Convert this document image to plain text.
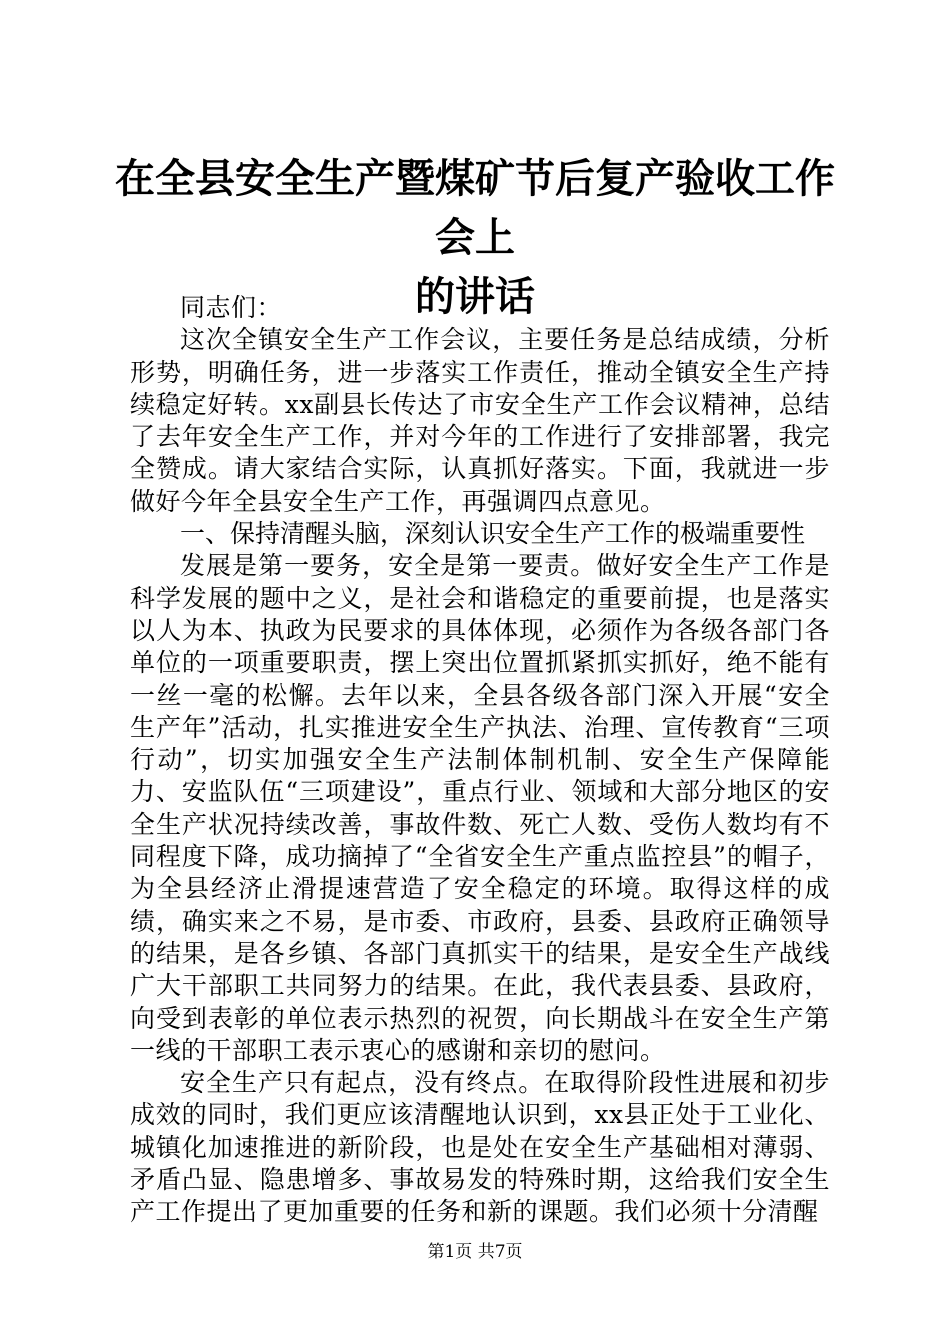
在全县安全生产暨煤矿节后复产验收工作会上
的讲话

同志们：

这次全镇安全生产工作会议，主要任务是总结成绩，分析形势，明确任务，进一步落实工作责任，推动全镇安全生产持续稳定好转。xx副县长传达了市安全生产工作会议精神，总结了去年安全生产工作，并对今年的工作进行了安排部署，我完全赞成。请大家结合实际，认真抓好落实。下面，我就进一步做好今年全县安全生产工作，再强调四点意见。

一、保持清醒头脑，深刻认识安全生产工作的极端重要性

发展是第一要务，安全是第一要责。做好安全生产工作是科学发展的题中之义，是社会和谐稳定的重要前提，也是落实以人为本、执政为民要求的具体体现，必须作为各级各部门各单位的一项重要职责，摆上突出位置抓紧抓实抓好，绝不能有一丝一毫的松懈。去年以来，全县各级各部门深入开展“安全生产年”活动，扎实推进安全生产执法、治理、宣传教育“三项行动”，切实加强安全生产法制体制机制、安全生产保障能力、安监队伍“三项建设”，重点行业、领域和大部分地区的安全生产状况持续改善，事故件数、死亡人数、受伤人数均有不同程度下降，成功摘掉了“全省安全生产重点监控县”的帽子，为全县经济止滑提速营造了安全稳定的环境。取得这样的成绩，确实来之不易，是市委、市政府，县委、县政府正确领导的结果，是各乡镇、各部门真抓实干的结果，是安全生产战线广大干部职工共同努力的结果。在此，我代表县委、县政府，向受到表彰的单位表示热烈的祝贺，向长期战斗在安全生产第一线的干部职工表示衷心的感谢和亲切的慰问。

安全生产只有起点，没有终点。在取得阶段性进展和初步成效的同时，我们更应该清醒地认识到，xx县正处于工业化、城镇化加速推进的新阶段，也是处在安全生产基础相对薄弱、矛盾凸显、隐患增多、事故易发的特殊时期，这给我们安全生产工作提出了更加重要的任务和新的课题。我们必须十分清醒

第1页 共7页
